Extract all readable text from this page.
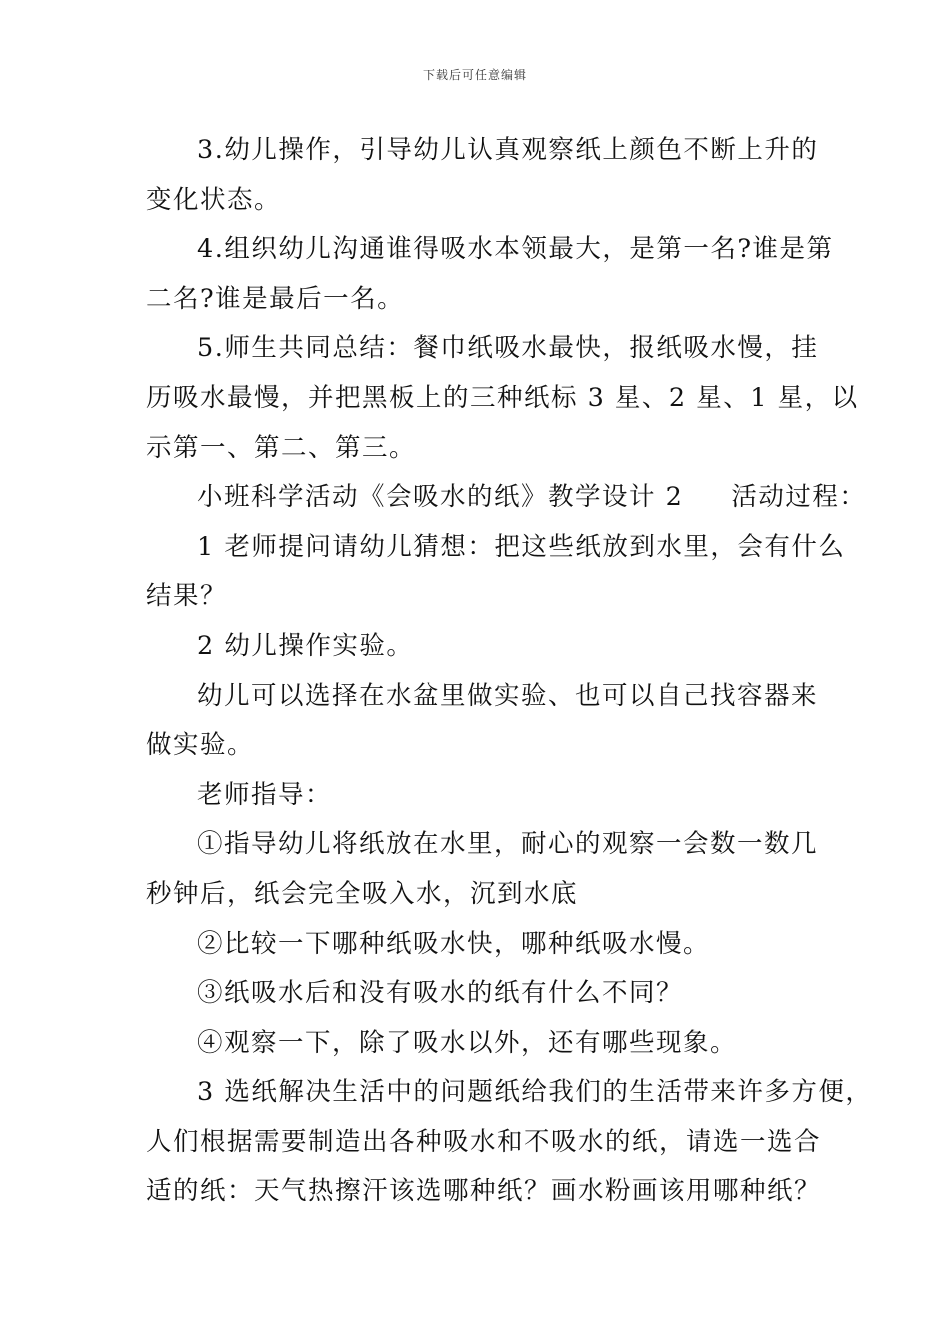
下载后可任意编辑

3.幼儿操作，引导幼儿认真观察纸上颜色不断上升的
变化状态。

4.组织幼儿沟通谁得吸水本领最大，是第一名?谁是第
二名?谁是最后一名。

5.师生共同总结：餐巾纸吸水最快，报纸吸水慢，挂
历吸水最慢，并把黑板上的三种纸标 3 星、2 星、1 星，以
示第一、第二、第三。

小班科学活动《会吸水的纸》教学设计 2 活动过程：

1 老师提问请幼儿猜想：把这些纸放到水里，会有什么
结果？

2 幼儿操作实验。

幼儿可以选择在水盆里做实验、也可以自己找容器来
做实验。

老师指导：

①指导幼儿将纸放在水里，耐心的观察一会数一数几
秒钟后，纸会完全吸入水，沉到水底

②比较一下哪种纸吸水快，哪种纸吸水慢。

③纸吸水后和没有吸水的纸有什么不同？

④观察一下，除了吸水以外，还有哪些现象。

3 选纸解决生活中的问题纸给我们的生活带来许多方便，
人们根据需要制造出各种吸水和不吸水的纸，请选一选合
适的纸：天气热擦汗该选哪种纸？画水粉画该用哪种纸？
